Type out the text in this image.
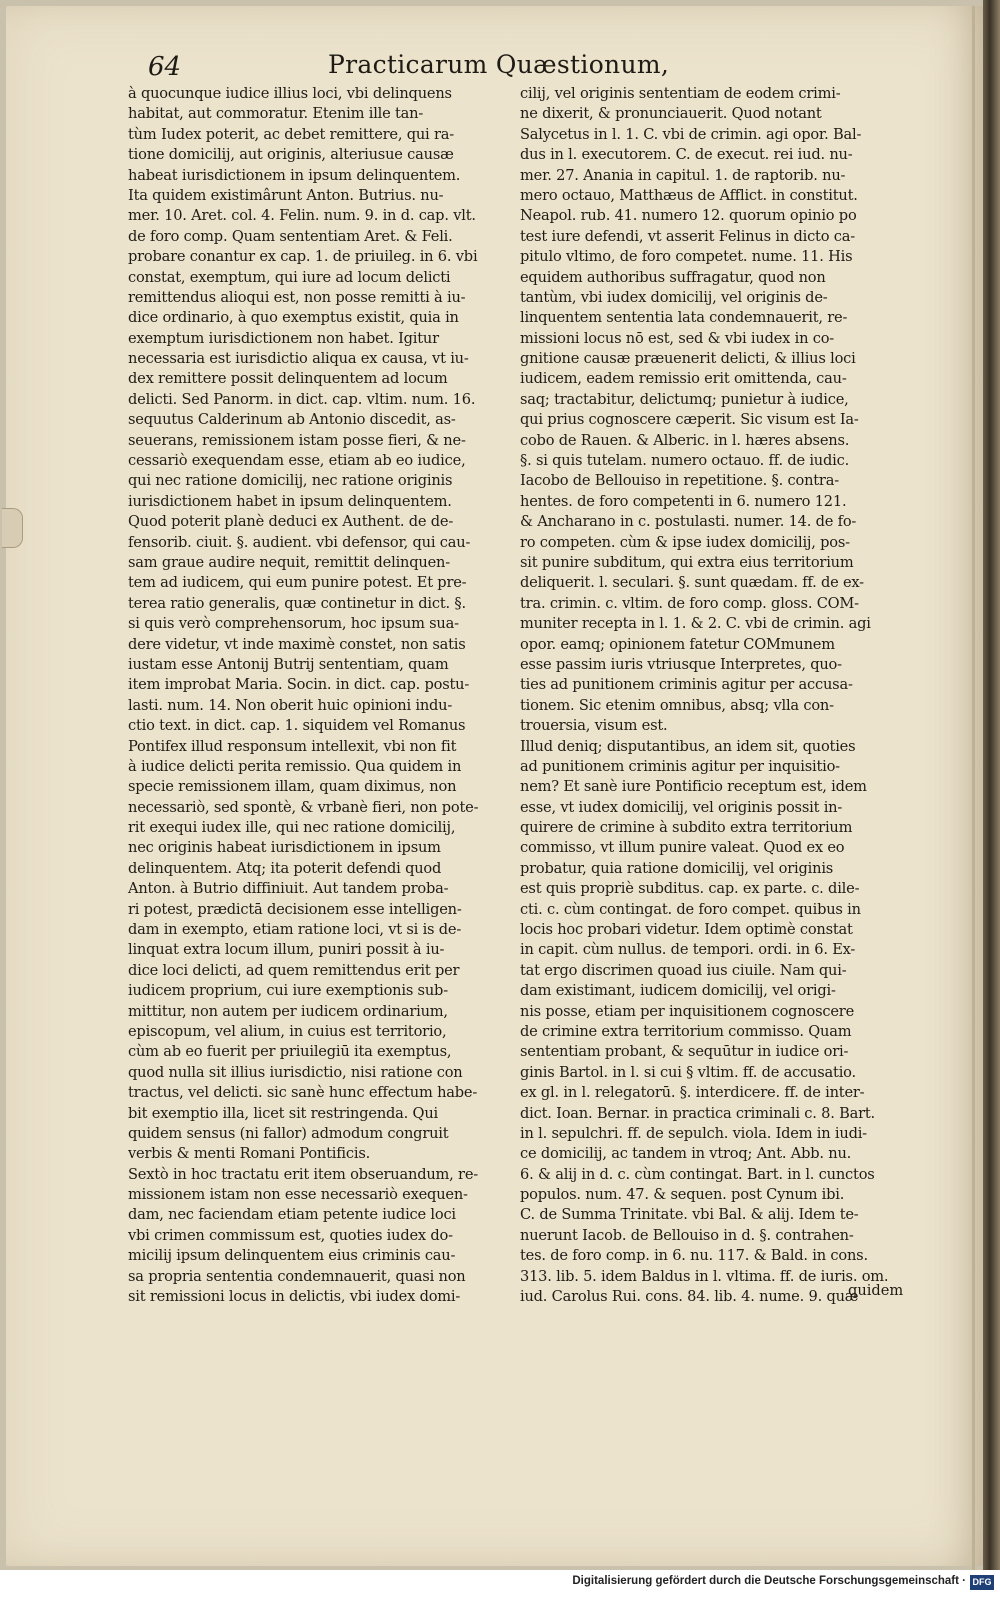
64	Practicarum Quæstionum,
à quocunque iudice illius loci, vbi delinquens
habitat, aut commoratur. Etenim ille tan-
tùm Iudex poterit, ac debet remittere, qui ra-
tione domicilij, aut originis, alteriusue causæ
habeat iurisdictionem in ipsum delinquentem.
Ita quidem existimârunt Anton. Butrius. nu-
mer. 10. Aret. col. 4. Felin. num. 9. in d. cap. vlt.
de foro comp. Quam sententiam Aret. & Feli.
probare conantur ex cap. 1. de priuileg. in 6. vbi
constat, exemptum, qui iure ad locum delicti
remittendus alioqui est, non posse remitti à iu-
dice ordinario, à quo exemptus existit, quia in
exemptum iurisdictionem non habet. Igitur
necessaria est iurisdictio aliqua ex causa, vt iu-
dex remittere possit delinquentem ad locum
delicti. Sed Panorm. in dict. cap. vltim. num. 16.
sequutus Calderinum ab Antonio discedit, as-
seuerans, remissionem istam posse fieri, & ne-
cessariò exequendam esse, etiam ab eo iudice,
qui nec ratione domicilij, nec ratione originis
iurisdictionem habet in ipsum delinquentem.
Quod poterit planè deduci ex Authent. de de-
fensorib. ciuit. §. audient. vbi defensor, qui cau-
sam graue audire nequit, remittit delinquen-
tem ad iudicem, qui eum punire potest. Et pre-
terea ratio generalis, quæ continetur in dict. §.
si quis verò comprehensorum, hoc ipsum sua-
dere videtur, vt inde maximè constet, non satis
iustam esse Antonij Butrij sententiam, quam
item improbat Maria. Socin. in dict. cap. postu-
lasti. num. 14. Non oberit huic opinioni indu-
ctio text. in dict. cap. 1. siquidem vel Romanus
Pontifex illud responsum intellexit, vbi non fit
à iudice delicti perita remissio. Qua quidem in
specie remissionem illam, quam diximus, non
necessariò, sed spontè, & vrbanè fieri, non pote-
rit exequi iudex ille, qui nec ratione domicilij,
nec originis habeat iurisdictionem in ipsum
delinquentem. Atq; ita poterit defendi quod
Anton. à Butrio diffiniuit. Aut tandem proba-
ri potest, prædictā decisionem esse intelligen-
dam in exempto, etiam ratione loci, vt si is de-
linquat extra locum illum, puniri possit à iu-
dice loci delicti, ad quem remittendus erit per
iudicem proprium, cui iure exemptionis sub-
mittitur, non autem per iudicem ordinarium,
episcopum, vel alium, in cuius est territorio,
cùm ab eo fuerit per priuilegiū ita exemptus,
quod nulla sit illius iurisdictio, nisi ratione con
tractus, vel delicti. sic sanè hunc effectum habe-
bit exemptio illa, licet sit restringenda. Qui
quidem sensus (ni fallor) admodum congruit
verbis & menti Romani Pontificis.
Sextò in hoc tractatu erit item obseruandum, re-
missionem istam non esse necessariò exequen-
dam, nec faciendam etiam petente iudice loci
vbi crimen commissum est, quoties iudex do-
micilij ipsum delinquentem eius criminis cau-
sa propria sententia condemnauerit, quasi non
sit remissioni locus in delictis, vbi iudex domi-
cilij, vel originis sententiam de eodem crimi-
ne dixerit, & pronunciauerit. Quod notant
Salycetus in l. 1. C. vbi de crimin. agi opor. Bal-
dus in l. executorem. C. de execut. rei iud. nu-
mer. 27. Anania in capitul. 1. de raptorib. nu-
mero octauo, Matthæus de Afflict. in constitut.
Neapol. rub. 41. numero 12. quorum opinio po
test iure defendi, vt asserit Felinus in dicto ca-
pitulo vltimo, de foro competet. nume. 11. His
equidem authoribus suffragatur, quod non
tantùm, vbi iudex domicilij, vel originis de-
linquentem sententia lata condemnauerit, re-
missioni locus nō est, sed & vbi iudex in co-
gnitione causæ præuenerit delicti, & illius loci
iudicem, eadem remissio erit omittenda, cau-
saq; tractabitur, delictumq; punietur à iudice,
qui prius cognoscere cæperit. Sic visum est Ia-
cobo de Rauen. & Alberic. in l. hæres absens.
§. si quis tutelam. numero octauo. ff. de iudic.
Iacobo de Bellouiso in repetitione. §. contra-
hentes. de foro competenti in 6. numero 121.
& Ancharano in c. postulasti. numer. 14. de fo-
ro competen. cùm & ipse iudex domicilij, pos-
sit punire subditum, qui extra eius territorium
deliquerit. l. seculari. §. sunt quædam. ff. de ex-
tra. crimin. c. vltim. de foro comp. gloss. COM-
muniter recepta in l. 1. & 2. C. vbi de crimin. agi
opor. eamq; opinionem fatetur COMmunem
esse passim iuris vtriusque Interpretes, quo-
ties ad punitionem criminis agitur per accusa-
tionem. Sic etenim omnibus, absq; vlla con-
trouersia, visum est.
Illud deniq; disputantibus, an idem sit, quoties
ad punitionem criminis agitur per inquisitio-
nem? Et sanè iure Pontificio receptum est, idem
esse, vt iudex domicilij, vel originis possit in-
quirere de crimine à subdito extra territorium
commisso, vt illum punire valeat. Quod ex eo
probatur, quia ratione domicilij, vel originis
est quis propriè subditus. cap. ex parte. c. dile-
cti. c. cùm contingat. de foro compet. quibus in
locis hoc probari videtur. Idem optimè constat
in capit. cùm nullus. de tempori. ordi. in 6. Ex-
tat ergo discrimen quoad ius ciuile. Nam qui-
dam existimant, iudicem domicilij, vel origi-
nis posse, etiam per inquisitionem cognoscere
de crimine extra territorium commisso. Quam
sententiam probant, & sequūtur in iudice ori-
ginis Bartol. in l. si cui § vltim. ff. de accusatio.
ex gl. in l. relegatorū. §. interdicere. ff. de inter-
dict. Ioan. Bernar. in practica criminali c. 8. Bart.
in l. sepulchri. ff. de sepulch. viola. Idem in iudi-
ce domicilij, ac tandem in vtroq; Ant. Abb. nu.
6. & alij in d. c. cùm contingat. Bart. in l. cunctos
populos. num. 47. & sequen. post Cynum ibi.
C. de Summa Trinitate. vbi Bal. & alij. Idem te-
nuerunt Iacob. de Bellouiso in d. §. contrahen-
tes. de foro comp. in 6. nu. 117. & Bald. in cons.
313. lib. 5. idem Baldus in l. vltima. ff. de iuris. om.
iud. Carolus Rui. cons. 84. lib. 4. nume. 9. quæ
quidem
Digitalisierung gefördert durch die Deutsche Forschungsgemeinschaft · DFG
